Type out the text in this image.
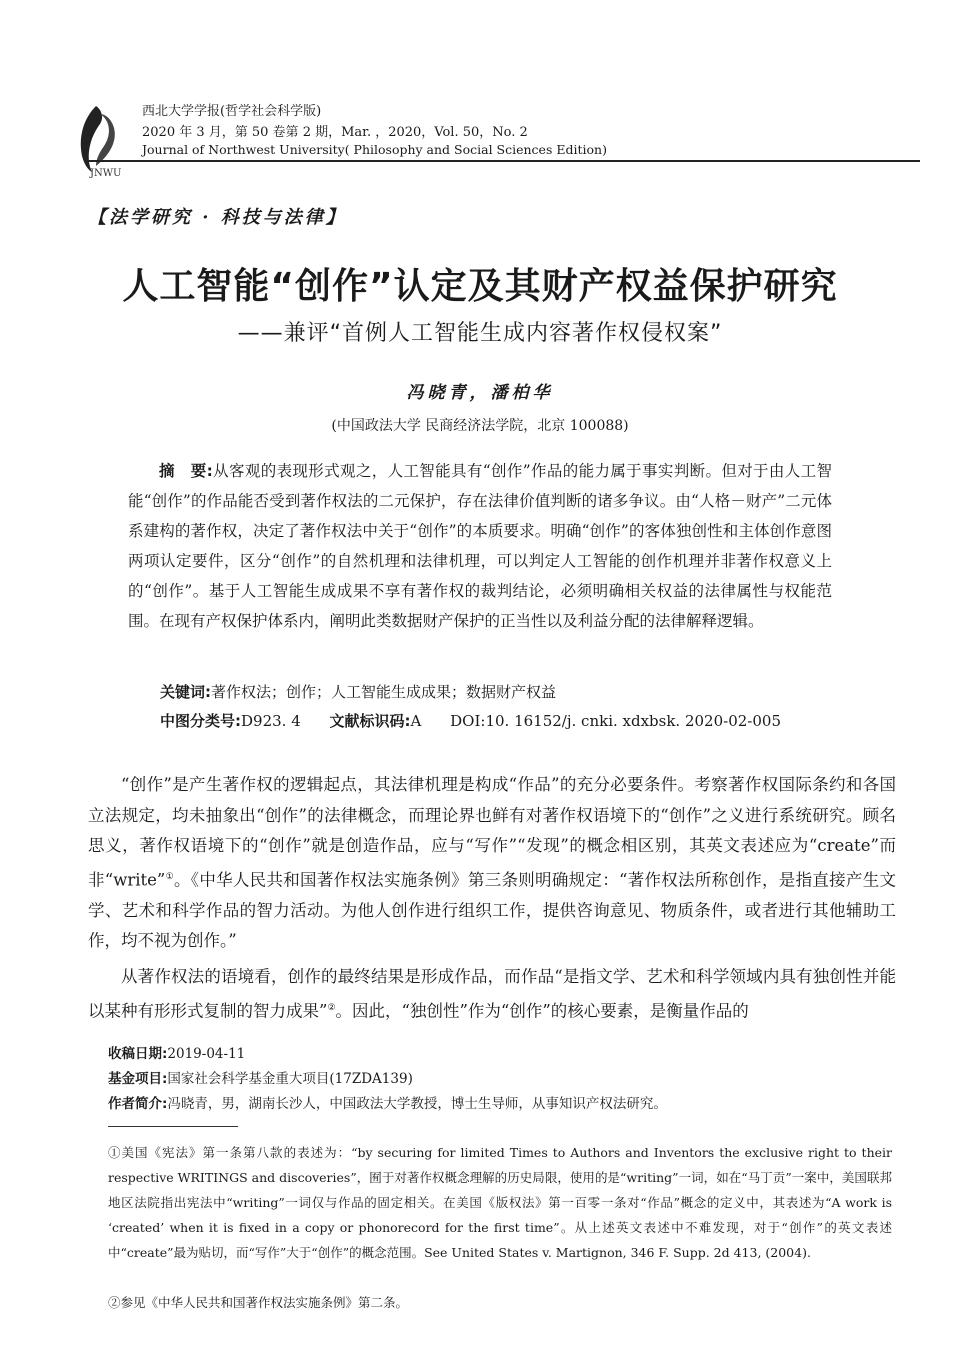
JNWU
西北大学学报(哲学社会科学版)
2020 年 3 月，第 50 卷第 2 期，Mar. ，2020，Vol. 50，No. 2
Journal of Northwest University( Philosophy and Social Sciences Edition)
【法学研究 · 科技与法律】
人工智能“创作”认定及其财产权益保护研究
——兼评“首例人工智能生成内容著作权侵权案”
冯晓青，潘柏华
(中国政法大学 民商经济法学院，北京 100088)
摘　要:从客观的表现形式观之，人工智能具有“创作”作品的能力属于事实判断。但对于由人工智能“创作”的作品能否受到著作权法的二元保护，存在法律价值判断的诸多争议。由“人格－财产”二元体系建构的著作权，决定了著作权法中关于“创作”的本质要求。明确“创作”的客体独创性和主体创作意图两项认定要件，区分“创作”的自然机理和法律机理，可以判定人工智能的创作机理并非著作权意义上的“创作”。基于人工智能生成成果不享有著作权的裁判结论，必须明确相关权益的法律属性与权能范围。在现有产权保护体系内，阐明此类数据财产保护的正当性以及利益分配的法律解释逻辑。
关键词:著作权法；创作；人工智能生成成果；数据财产权益
中图分类号:D923. 4 文献标识码:A DOI:10. 16152/j. cnki. xdxbsk. 2020-02-005
“创作”是产生著作权的逻辑起点，其法律机理是构成“作品”的充分必要条件。考察著作权国际条约和各国立法规定，均未抽象出“创作”的法律概念，而理论界也鲜有对著作权语境下的“创作”之义进行系统研究。顾名思义，著作权语境下的“创作”就是创造作品，应与“写作”“发现”的概念相区别，其英文表述应为“create”而非“write”①。《中华人民共和国著作权法实施条例》第三条则明确规定：“著作权法所称创作，是指直接产生文学、艺术和科学作品的智力活动。为他人创作进行组织工作，提供咨询意见、物质条件，或者进行其他辅助工作，均不视为创作。”
从著作权法的语境看，创作的最终结果是形成作品，而作品“是指文学、艺术和科学领域内具有独创性并能以某种有形形式复制的智力成果”②。因此，“独创性”作为“创作”的核心要素，是衡量作品的
收稿日期:2019-04-11
基金项目:国家社会科学基金重大项目(17ZDA139)
作者简介:冯晓青，男，湖南长沙人，中国政法大学教授，博士生导师，从事知识产权法研究。
①美国《宪法》第一条第八款的表述为：“by securing for limited Times to Authors and Inventors the exclusive right to their respective WRITINGS and discoveries”，囿于对著作权概念理解的历史局限，使用的是“writing”一词，如在“马丁贡”一案中，美国联邦地区法院指出宪法中“writing”一词仅与作品的固定相关。在美国《版权法》第一百零一条对“作品”概念的定义中，其表述为“A work is ‘created’ when it is fixed in a copy or phonorecord for the first time”。从上述英文表述中不难发现，对于“创作”的英文表述中“create”最为贴切，而“写作”大于“创作”的概念范围。See United States v. Martignon, 346 F. Supp. 2d 413, (2004).
②参见《中华人民共和国著作权法实施条例》第二条。
